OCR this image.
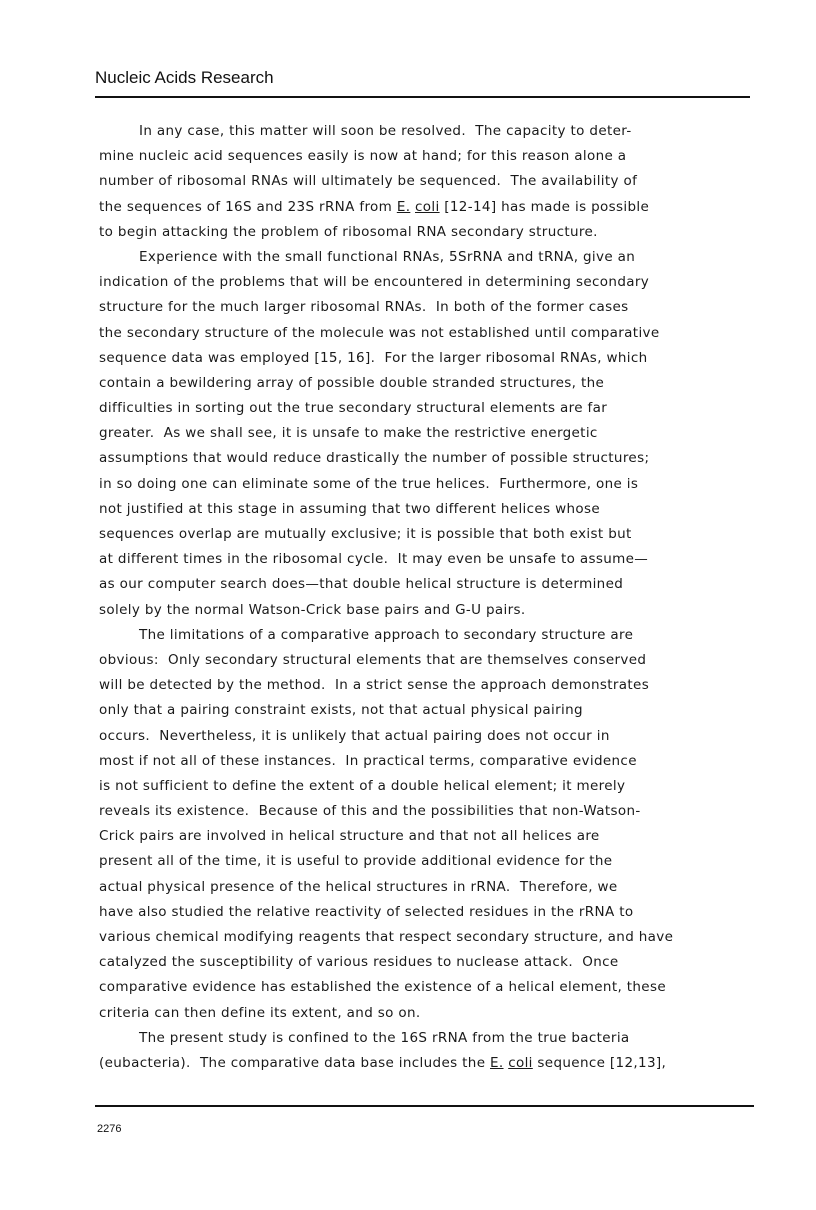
Nucleic Acids Research
In any case, this matter will soon be resolved.  The capacity to deter-
mine nucleic acid sequences easily is now at hand; for this reason alone a
number of ribosomal RNAs will ultimately be sequenced.  The availability of
the sequences of 16S and 23S rRNA from E. coli [12-14] has made is possible
to begin attacking the problem of ribosomal RNA secondary structure.
Experience with the small functional RNAs, 5SrRNA and tRNA, give an
indication of the problems that will be encountered in determining secondary
structure for the much larger ribosomal RNAs.  In both of the former cases
the secondary structure of the molecule was not established until comparative
sequence data was employed [15, 16].  For the larger ribosomal RNAs, which
contain a bewildering array of possible double stranded structures, the
difficulties in sorting out the true secondary structural elements are far
greater.  As we shall see, it is unsafe to make the restrictive energetic
assumptions that would reduce drastically the number of possible structures;
in so doing one can eliminate some of the true helices.  Furthermore, one is
not justified at this stage in assuming that two different helices whose
sequences overlap are mutually exclusive; it is possible that both exist but
at different times in the ribosomal cycle.  It may even be unsafe to assume—
as our computer search does—that double helical structure is determined
solely by the normal Watson-Crick base pairs and G-U pairs.
The limitations of a comparative approach to secondary structure are
obvious:  Only secondary structural elements that are themselves conserved
will be detected by the method.  In a strict sense the approach demonstrates
only that a pairing constraint exists, not that actual physical pairing
occurs.  Nevertheless, it is unlikely that actual pairing does not occur in
most if not all of these instances.  In practical terms, comparative evidence
is not sufficient to define the extent of a double helical element; it merely
reveals its existence.  Because of this and the possibilities that non-Watson-
Crick pairs are involved in helical structure and that not all helices are
present all of the time, it is useful to provide additional evidence for the
actual physical presence of the helical structures in rRNA.  Therefore, we
have also studied the relative reactivity of selected residues in the rRNA to
various chemical modifying reagents that respect secondary structure, and have
catalyzed the susceptibility of various residues to nuclease attack.  Once
comparative evidence has established the existence of a helical element, these
criteria can then define its extent, and so on.
The present study is confined to the 16S rRNA from the true bacteria
(eubacteria).  The comparative data base includes the E. coli sequence [12,13],
2276
